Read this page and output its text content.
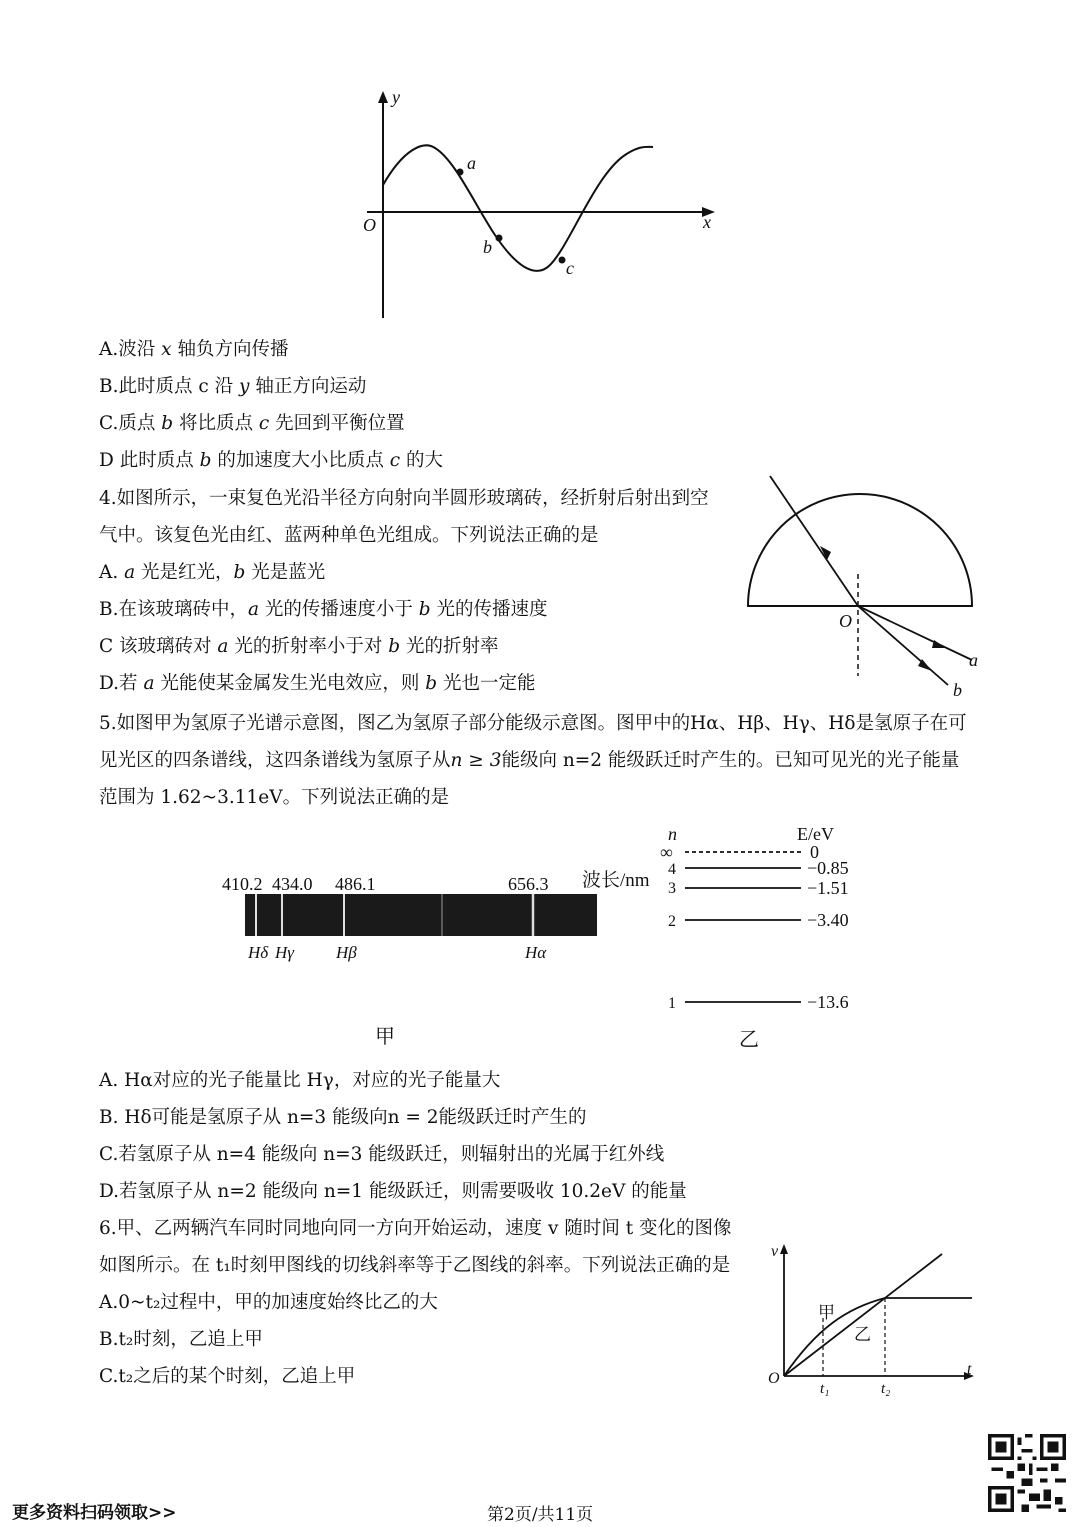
y
x
O
a
b
c
A.波沿 x 轴负方向传播
B.此时质点 c 沿 y 轴正方向运动
C.质点 b 将比质点 c 先回到平衡位置
D 此时质点 b 的加速度大小比质点 c 的大
4.如图所示，一束复色光沿半径方向射向半圆形玻璃砖，经折射后射出到空
气中。该复色光由红、蓝两种单色光组成。下列说法正确的是
A. a 光是红光，b 光是蓝光
B.在该玻璃砖中，a 光的传播速度小于 b 光的传播速度
C 该玻璃砖对 a 光的折射率小于对 b 光的折射率
D.若 a 光能使某金属发生光电效应，则 b 光也一定能
O
a
b
5.如图甲为氢原子光谱示意图，图乙为氢原子部分能级示意图。图甲中的Hα、Hβ、Hγ、Hδ是氢原子在可
见光区的四条谱线，这四条谱线为氢原子从n ≥ 3能级向 n=2 能级跃迁时产生的。已知可见光的光子能量
范围为 1.62~3.11eV。下列说法正确的是
410.2 434.0 486.1	656.3 波长/nm
Hδ Hγ Hβ	Hα
甲
n	E/eV
∞
4
3
2
1
0
−0.85
−1.51
−3.40
−13.6
乙
A. Hα对应的光子能量比 Hγ，对应的光子能量大
B. Hδ可能是氢原子从 n=3 能级向n = 2能级跃迁时产生的
C.若氢原子从 n=4 能级向 n=3 能级跃迁，则辐射出的光属于红外线
D.若氢原子从 n=2 能级向 n=1 能级跃迁，则需要吸收 10.2eV 的能量
6.甲、乙两辆汽车同时同地向同一方向开始运动，速度 v 随时间 t 变化的图像
如图所示。在 t₁时刻甲图线的切线斜率等于乙图线的斜率。下列说法正确的是
A.0~t₂过程中，甲的加速度始终比乙的大
B.t₂时刻，乙追上甲
C.t₂之后的某个时刻，乙追上甲
v
t
O
t₁	t₂
甲
乙
更多资料扫码领取>>	第2页/共11页
